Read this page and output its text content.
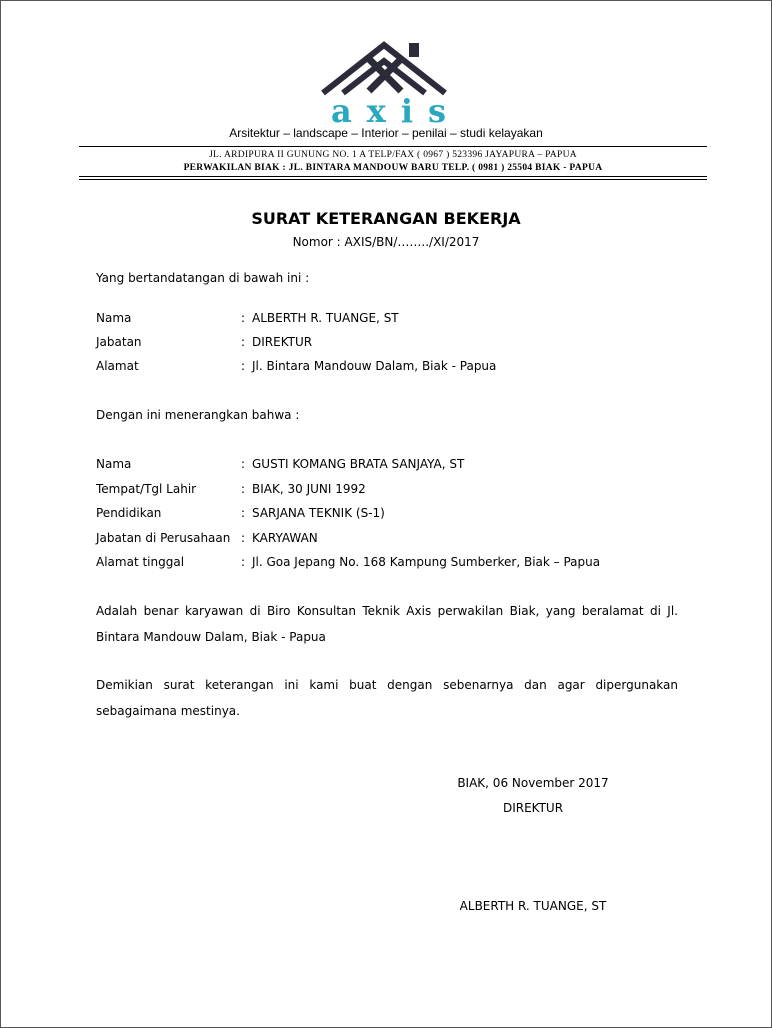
axis
Arsitektur – landscape – Interior – penilai – studi kelayakan
JL. ARDIPURA II GUNUNG NO. 1 A TELP/FAX ( 0967 ) 523396 JAYAPURA – PAPUA
PERWAKILAN BIAK : JL. BINTARA MANDOUW BARU TELP. ( 0981 ) 25504 BIAK - PAPUA
SURAT KETERANGAN BEKERJA
Nomor : AXIS/BN/……../XI/2017
Yang bertandatangan di bawah ini :
Nama	: ALBERTH R. TUANGE, ST
Jabatan	: DIREKTUR
Alamat	: Jl. Bintara Mandouw Dalam, Biak - Papua
Dengan ini menerangkan bahwa :
Nama	: GUSTI KOMANG BRATA SANJAYA, ST
Tempat/Tgl Lahir	: BIAK, 30 JUNI 1992
Pendidikan	: SARJANA TEKNIK (S-1)
Jabatan di Perusahaan : KARYAWAN
Alamat tinggal	: Jl. Goa Jepang No. 168 Kampung Sumberker, Biak – Papua
Adalah benar karyawan di Biro Konsultan Teknik Axis perwakilan Biak, yang beralamat di Jl. Bintara Mandouw Dalam, Biak - Papua
Demikian surat keterangan ini kami buat dengan sebenarnya dan agar dipergunakan sebagaimana mestinya.
BIAK, 06 November 2017
DIREKTUR
ALBERTH R. TUANGE, ST
